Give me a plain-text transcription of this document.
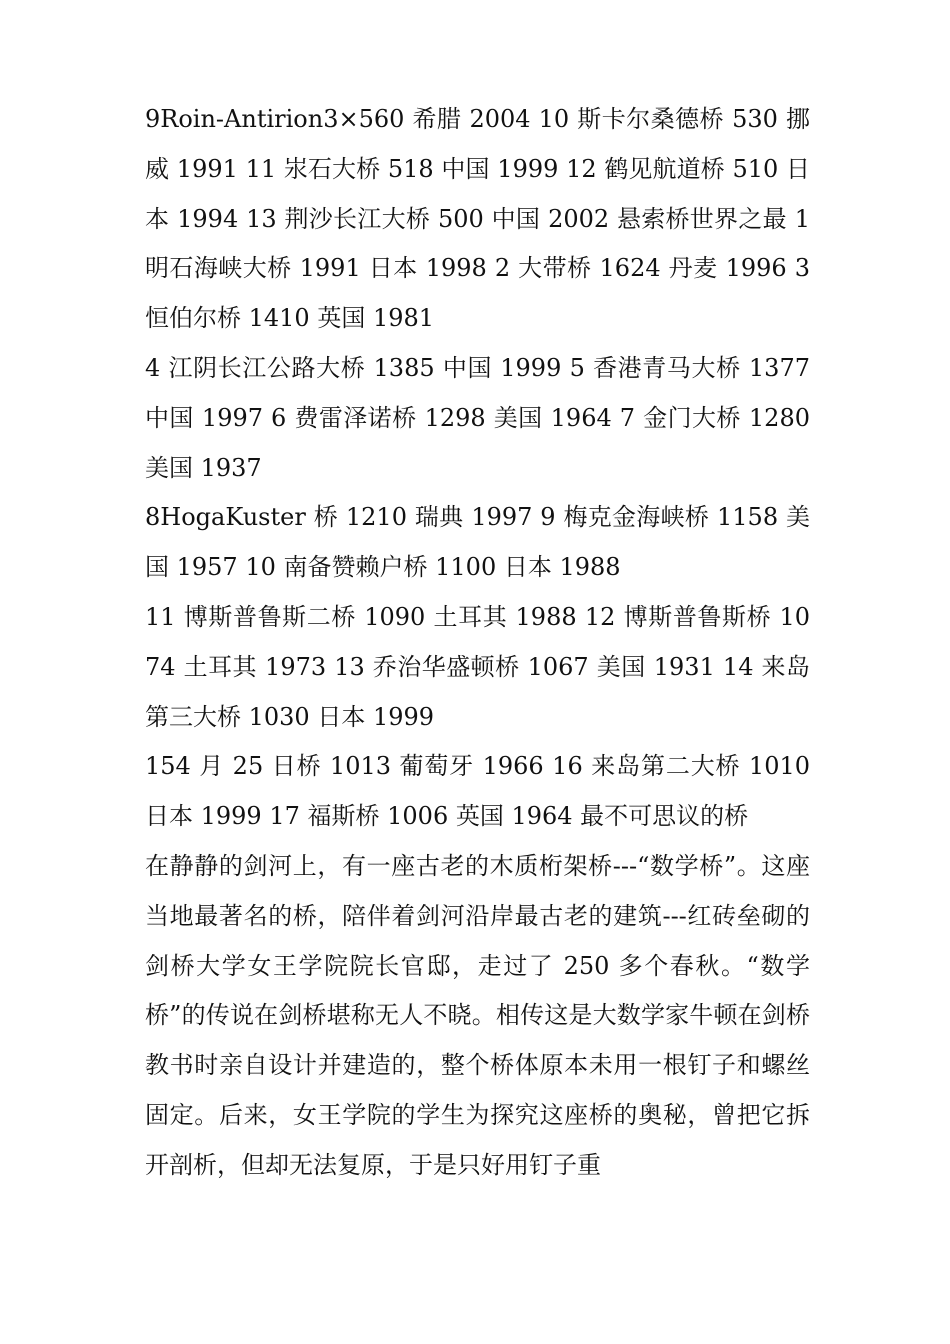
9Roin-Antirion3×560 希腊 2004 10 斯卡尔桑德桥 530 挪威 1991 11 汖石大桥 518 中国 1999 12 鹤见航道桥 510 日本 1994 13 荆沙长江大桥 500 中国 2002 悬索桥世界之最 1 明石海峡大桥 1991 日本 1998 2 大带桥 1624 丹麦 1996 3 恒伯尔桥 1410 英国 1981

4 江阴长江公路大桥 1385 中国 1999 5 香港青马大桥 1377 中国 1997 6 费雷泽诺桥 1298 美国 1964 7 金门大桥 1280 美国 1937

8HogaKuster 桥 1210 瑞典 1997 9 梅克金海峡桥 1158 美国 1957 10 南备赞赖户桥 1100 日本 1988

11 博斯普鲁斯二桥 1090 土耳其 1988 12 博斯普鲁斯桥 1074 土耳其 1973 13 乔治华盛顿桥 1067 美国 1931 14 来岛第三大桥 1030 日本 1999

154 月 25 日桥 1013 葡萄牙 1966 16 来岛第二大桥 1010 日本 1999 17 福斯桥 1006 英国 1964 最不可思议的桥

在静静的剑河上，有一座古老的木质桁架桥---“数学桥”。这座当地最著名的桥，陪伴着剑河沿岸最古老的建筑---红砖垒砌的剑桥大学女王学院院长官邸，走过了 250 多个春秋。“数学桥”的传说在剑桥堪称无人不晓。相传这是大数学家牛顿在剑桥教书时亲自设计并建造的，整个桥体原本未用一根钉子和螺丝固定。后来，女王学院的学生为探究这座桥的奥秘，曾把它拆开剖析，但却无法复原，于是只好用钉子重
